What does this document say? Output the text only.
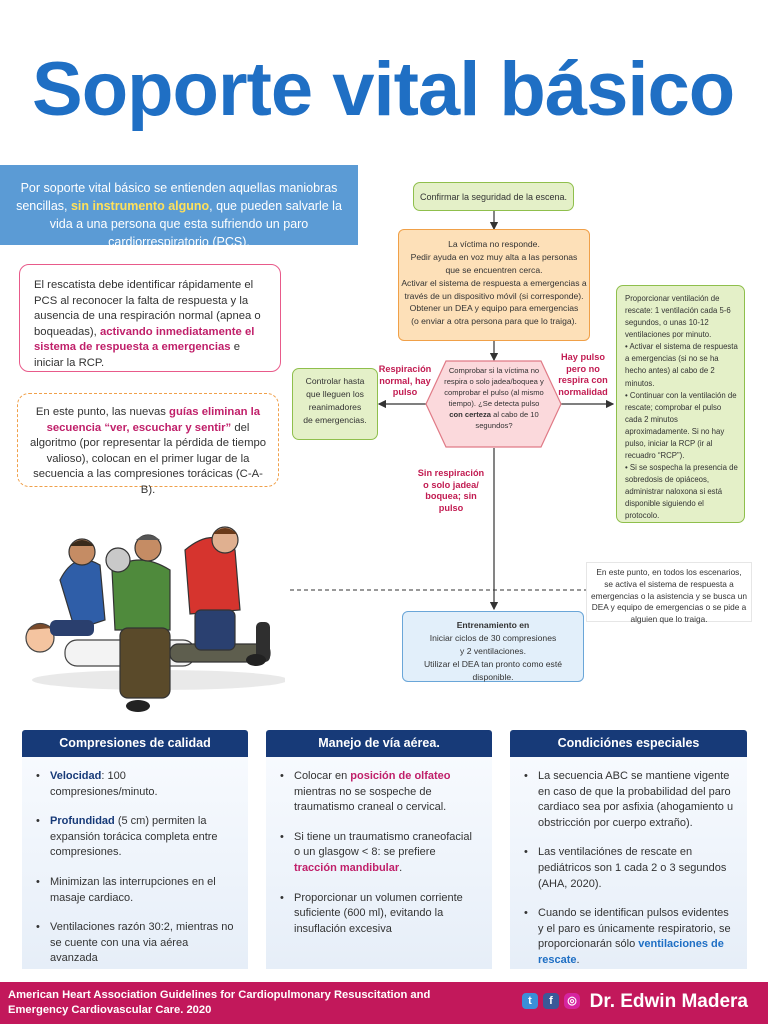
Soporte vital básico
Por soporte vital básico se entienden aquellas maniobras sencillas, sin instrumento alguno, que pueden salvarle la vida a una persona que esta sufriendo un paro cardiorrespiratorio (PCS).
El rescatista debe identificar rápidamente el PCS al reconocer la falta de respuesta y la ausencia de una respiración normal (apnea o boqueadas), activando inmediatamente el sistema de respuesta a emergencias e iniciar la RCP.
En este punto, las nuevas guías eliminan la secuencia “ver, escuchar y sentir” del algoritmo (por representar la pérdida de tiempo valioso), colocan en el primer lugar de la secuencia a las compresiones torácicas (C-A-B).
Confirmar la seguridad de la escena.
La víctima no responde.
Pedir ayuda en voz muy alta a las personas
que se encuentren cerca.
Activar el sistema de respuesta a emergencias a
través de un dispositivo móvil (si corresponde).
Obtener un DEA y equipo para emergencias
(o enviar a otra persona para que lo traiga).
Comprobar si la víctima no respira o solo jadea/boquea y comprobar el pulso (al mismo tiempo). ¿Se detecta pulso con certeza al cabo de 10 segundos?
Controlar hasta
que lleguen los
reanimadores
de emergencias.
Respiración normal, hay pulso
Hay pulso pero no respira con normalidad
Sin respiración o solo jadea/ boquea; sin pulso
Proporcionar ventilación de rescate: 1 ventilación cada 5-6 segundos, o unas 10-12 ventilaciones por minuto.
• Activar el sistema de respuesta a emergencias (si no se ha hecho antes) al cabo de 2 minutos.
• Continuar con la ventilación de rescate; comprobar el pulso cada 2 minutos aproximadamente. Si no hay pulso, iniciar la RCP (ir al recuadro “RCP”).
• Si se sospecha la presencia de sobredosis de opiáceos, administrar naloxona si está disponible siguiendo el protocolo.
En este punto, en todos los escenarios, se activa el sistema de respuesta a emergencias o la asistencia y se busca un DEA y equipo de emergencias o se pide a alguien que lo traiga.
Entrenamiento en
Iniciar ciclos de 30 compresiones
y 2 ventilaciones.
Utilizar el DEA tan pronto como esté disponible.
Compresiones de calidad
• Velocidad: 100 compresiones/minuto.
• Profundidad (5 cm) permiten la expansión torácica completa entre compresiones.
• Minimizan las interrupciones en el masaje cardiaco.
• Ventilaciones razón 30:2, mientras no se cuente con una via aérea avanzada
Manejo de vía aérea.
• Colocar en posición de olfateo mientras no se sospeche de traumatismo craneal o cervical.
• Si tiene un traumatismo craneofacial o un glasgow < 8: se prefiere tracción mandibular.
• Proporcionar un volumen corriente suficiente (600 ml), evitando la insuflación excesiva
Condiciónes especiales
• La secuencia ABC se mantiene vigente en caso de que la probabilidad del paro cardiaco sea por asfixia (ahogamiento u obstricción por cuerpo extraño).
• Las ventilaciónes de rescate en pediátricos son 1 cada 2 o 3 segundos (AHA, 2020).
• Cuando se identifican pulsos evidentes y el paro es únicamente respiratorio, se proporcionarán sólo ventilaciones de rescate.
American Heart Association Guidelines for Cardiopulmonary Resuscitation and Emergency Cardiovascular Care. 2020
t	f	◎ Dr. Edwin Madera
